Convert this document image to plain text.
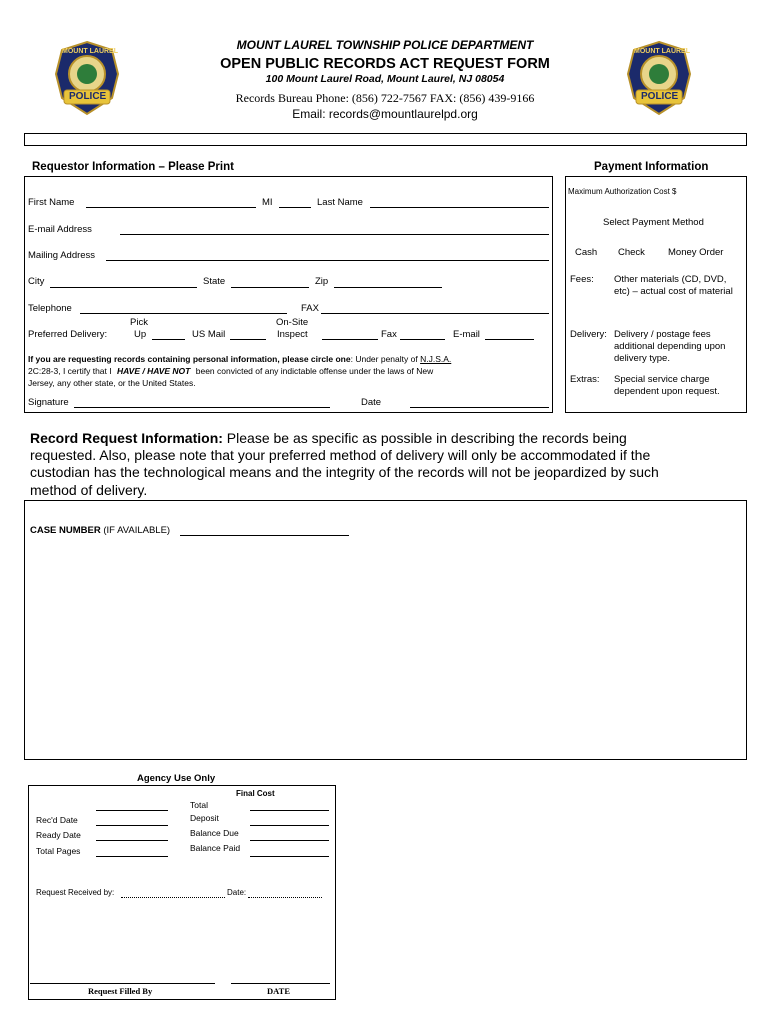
MOUNT LAUREL
POLICE
MOUNT LAUREL
POLICE
MOUNT LAUREL TOWNSHIP POLICE DEPARTMENT
OPEN PUBLIC RECORDS ACT REQUEST FORM
100 Mount Laurel Road, Mount Laurel, NJ 08054
Records Bureau Phone: (856) 722-7567 FAX: (856) 439-9166
Email: records@mountlaurelpd.org
Requestor Information – Please Print
First Name	MI	Last Name
E-mail Address
Mailing Address
City	State	Zip
Telephone	FAX
Preferred Delivery:
Pick
Up	US Mail
On-Site
Inspect	Fax	E-mail
If you are requesting records containing personal information, please circle one: Under penalty of N.J.S.A.
2C:28-3, I certify that I HAVE / HAVE NOT been convicted of any indictable offense under the laws of New
Jersey, any other state, or the United States.
Signature	Date
Payment Information
Maximum Authorization Cost $
Select Payment Method
Cash Check Money Order
Fees: Other materials (CD, DVD,
etc) – actual cost of material
Delivery: Delivery / postage fees
additional depending upon
delivery type.
Extras: Special service charge
dependent upon request.
Record Request Information: Please be as specific as possible in describing the records being
requested. Also, please note that your preferred method of delivery will only be accommodated if the
custodian has the technological means and the integrity of the records will not be jeopardized by such
method of delivery.
CASE NUMBER (IF AVAILABLE)
Agency Use Only
Final Cost
Rec'd Date
Ready Date
Total Pages
Total
Deposit
Balance Due
Balance Paid
Request Received by:	Date:
Request Filled By	DATE
